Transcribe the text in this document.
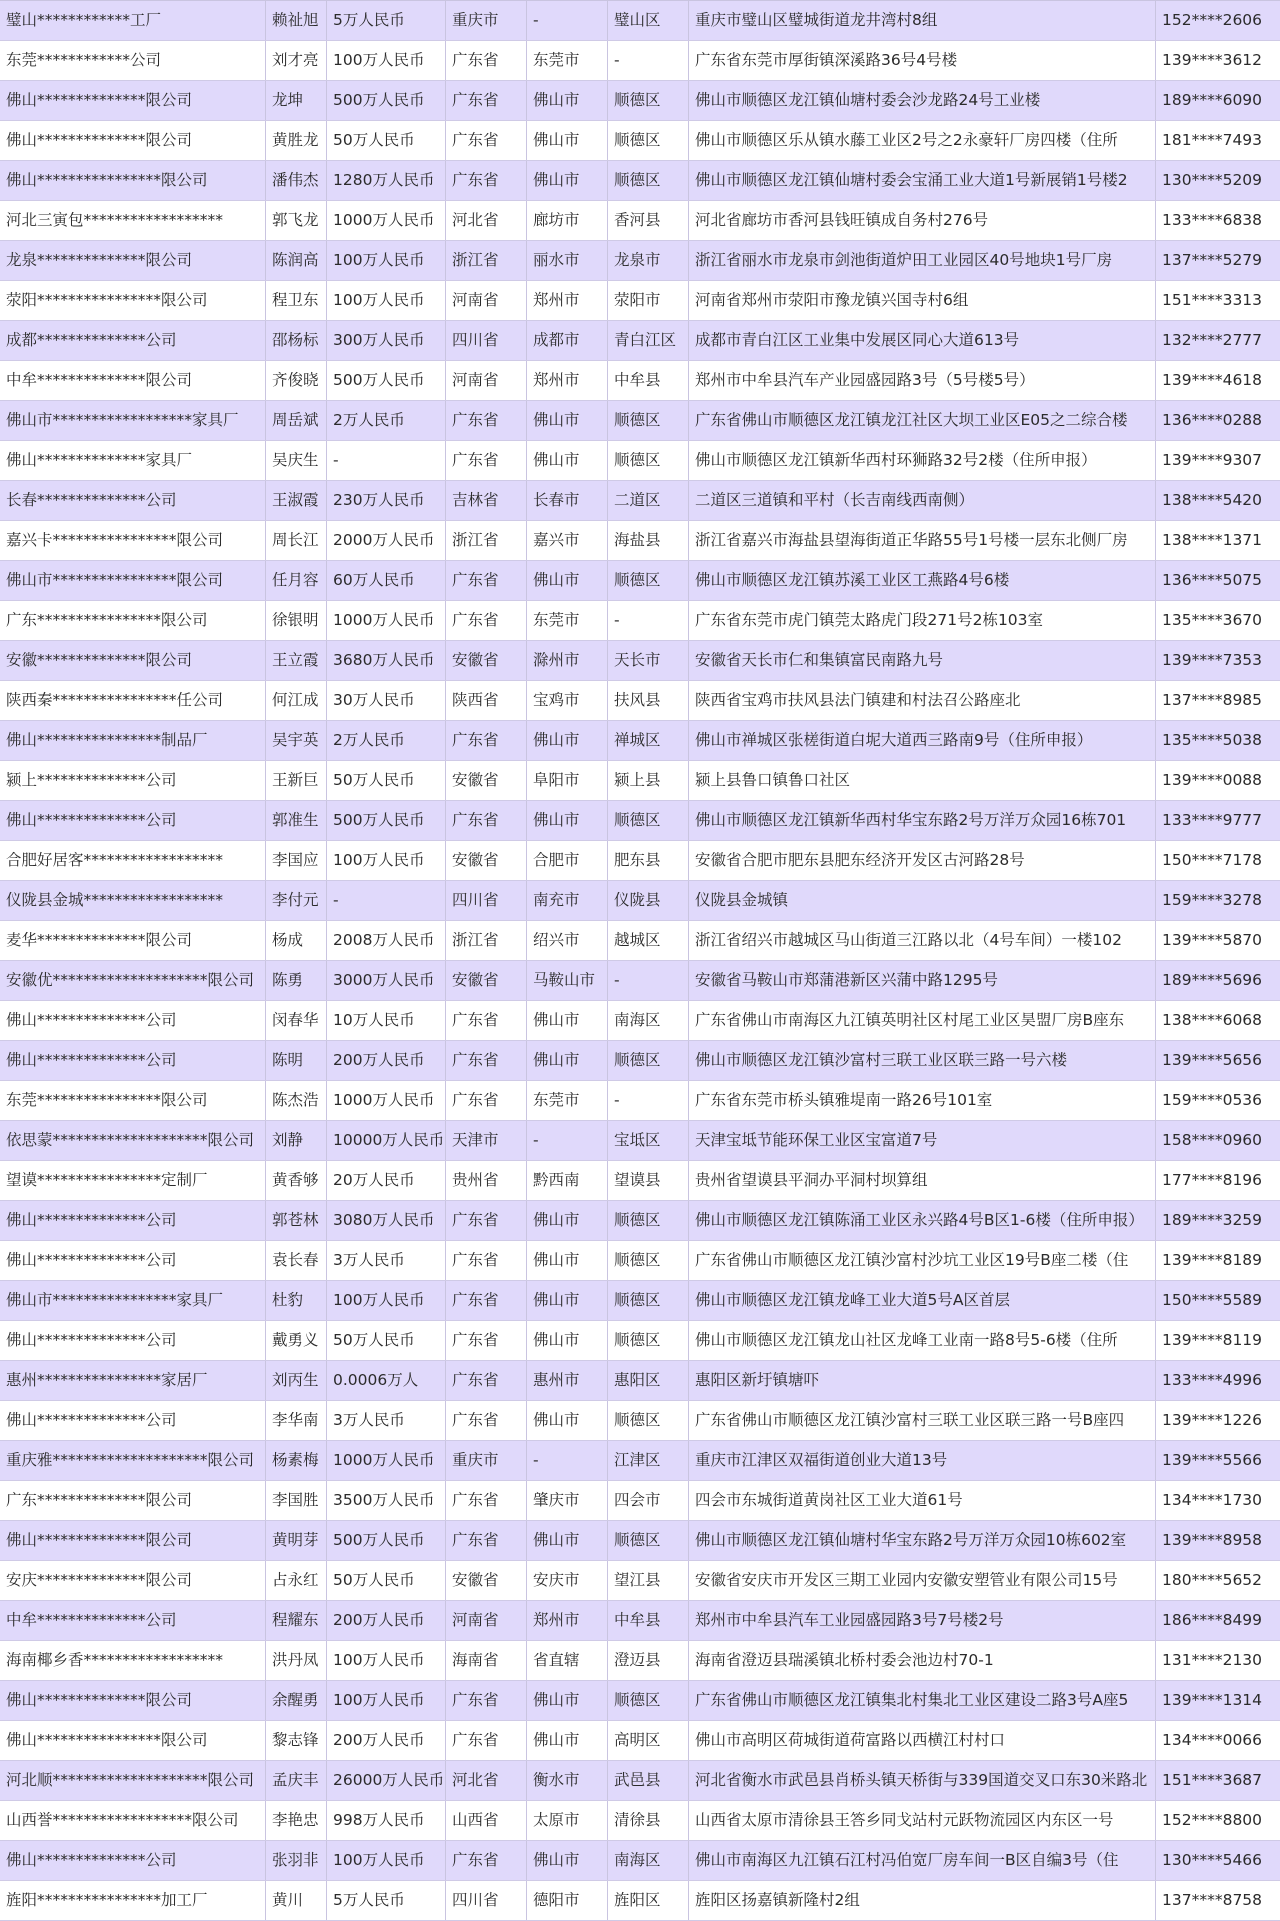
璧山************工厂	赖祉旭 5万人民币	重庆市	-	璧山区	重庆市璧山区璧城街道龙井湾村8组	152****2606
东莞************公司	刘才亮 100万人民币	广东省	东莞市	-	广东省东莞市厚街镇深溪路36号4号楼	139****3612
佛山**************限公司	龙坤	500万人民币	广东省	佛山市	顺德区	佛山市顺德区龙江镇仙塘村委会沙龙路24号工业楼	189****6090
佛山**************限公司	黄胜龙 50万人民币	广东省	佛山市	顺德区	佛山市顺德区乐从镇水藤工业区2号之2永豪轩厂房四楼（住所	181****7493
佛山****************限公司	潘伟杰 1280万人民币	广东省	佛山市	顺德区	佛山市顺德区龙江镇仙塘村委会宝涌工业大道1号新展销1号楼2	130****5209
河北三寅包******************	郭飞龙 1000万人民币	河北省	廊坊市	香河县	河北省廊坊市香河县钱旺镇成自务村276号	133****6838
龙泉**************限公司	陈润高 100万人民币	浙江省	丽水市	龙泉市	浙江省丽水市龙泉市剑池街道炉田工业园区40号地块1号厂房	137****5279
荥阳****************限公司	程卫东 100万人民币	河南省	郑州市	荥阳市	河南省郑州市荥阳市豫龙镇兴国寺村6组	151****3313
成都**************公司	邵杨标 300万人民币	四川省	成都市	青白江区	成都市青白江区工业集中发展区同心大道613号	132****2777
中牟**************限公司	齐俊晓 500万人民币	河南省	郑州市	中牟县	郑州市中牟县汽车产业园盛园路3号（5号楼5号）	139****4618
佛山市******************家具厂	周岳斌 2万人民币	广东省	佛山市	顺德区	广东省佛山市顺德区龙江镇龙江社区大坝工业区E05之二综合楼	136****0288
佛山**************家具厂	吴庆生 -	广东省	佛山市	顺德区	佛山市顺德区龙江镇新华西村环狮路32号2楼（住所申报）	139****9307
长春**************公司	王淑霞 230万人民币	吉林省	长春市	二道区	二道区三道镇和平村（长吉南线西南侧）	138****5420
嘉兴卡****************限公司	周长江 2000万人民币	浙江省	嘉兴市	海盐县	浙江省嘉兴市海盐县望海街道正华路55号1号楼一层东北侧厂房	138****1371
佛山市****************限公司	任月容 60万人民币	广东省	佛山市	顺德区	佛山市顺德区龙江镇苏溪工业区工燕路4号6楼	136****5075
广东****************限公司	徐银明 1000万人民币	广东省	东莞市	-	广东省东莞市虎门镇莞太路虎门段271号2栋103室	135****3670
安徽**************限公司	王立霞 3680万人民币	安徽省	滁州市	天长市	安徽省天长市仁和集镇富民南路九号	139****7353
陕西秦****************任公司	何江成 30万人民币	陕西省	宝鸡市	扶风县	陕西省宝鸡市扶风县法门镇建和村法召公路座北	137****8985
佛山****************制品厂	吴宇英 2万人民币	广东省	佛山市	禅城区	佛山市禅城区张槎街道白坭大道西三路南9号（住所申报）	135****5038
颍上**************公司	王新巨 50万人民币	安徽省	阜阳市	颍上县	颍上县鲁口镇鲁口社区	139****0088
佛山**************公司	郭准生 500万人民币	广东省	佛山市	顺德区	佛山市顺德区龙江镇新华西村华宝东路2号万洋万众园16栋701	133****9777
合肥好居客******************	李国应 100万人民币	安徽省	合肥市	肥东县	安徽省合肥市肥东县肥东经济开发区古河路28号	150****7178
仪陇县金城******************	李付元 -	四川省	南充市	仪陇县	仪陇县金城镇	159****3278
麦华**************限公司	杨成	2008万人民币	浙江省	绍兴市	越城区	浙江省绍兴市越城区马山街道三江路以北（4号车间）一楼102	139****5870
安徽优********************限公司	陈勇	3000万人民币	安徽省	马鞍山市	-	安徽省马鞍山市郑蒲港新区兴蒲中路1295号	189****5696
佛山**************公司	闵春华 10万人民币	广东省	佛山市	南海区	广东省佛山市南海区九江镇英明社区村尾工业区昊盟厂房B座东	138****6068
佛山**************公司	陈明	200万人民币	广东省	佛山市	顺德区	佛山市顺德区龙江镇沙富村三联工业区联三路一号六楼	139****5656
东莞****************限公司	陈杰浩 1000万人民币	广东省	东莞市	-	广东省东莞市桥头镇雅堤南一路26号101室	159****0536
依思蒙********************限公司	刘静	10000万人民币 天津市	-	宝坻区	天津宝坻节能环保工业区宝富道7号	158****0960
望谟****************定制厂	黄香够 20万人民币	贵州省	黔西南	望谟县	贵州省望谟县平洞办平洞村坝算组	177****8196
佛山**************公司	郭苍林 3080万人民币	广东省	佛山市	顺德区	佛山市顺德区龙江镇陈涌工业区永兴路4号B区1-6楼（住所申报）	189****3259
佛山**************公司	袁长春 3万人民币	广东省	佛山市	顺德区	广东省佛山市顺德区龙江镇沙富村沙坑工业区19号B座二楼（住	139****8189
佛山市****************家具厂	杜豹	100万人民币	广东省	佛山市	顺德区	佛山市顺德区龙江镇龙峰工业大道5号A区首层	150****5589
佛山**************公司	戴勇义 50万人民币	广东省	佛山市	顺德区	佛山市顺德区龙江镇龙山社区龙峰工业南一路8号5-6楼（住所	139****8119
惠州****************家居厂	刘丙生 0.0006万人	广东省	惠州市	惠阳区	惠阳区新圩镇塘吓	133****4996
佛山**************公司	李华南 3万人民币	广东省	佛山市	顺德区	广东省佛山市顺德区龙江镇沙富村三联工业区联三路一号B座四	139****1226
重庆雅********************限公司	杨素梅 1000万人民币	重庆市	-	江津区	重庆市江津区双福街道创业大道13号	139****5566
广东**************限公司	李国胜 3500万人民币	广东省	肇庆市	四会市	四会市东城街道黄岗社区工业大道61号	134****1730
佛山**************限公司	黄明芽 500万人民币	广东省	佛山市	顺德区	佛山市顺德区龙江镇仙塘村华宝东路2号万洋万众园10栋602室	139****8958
安庆**************限公司	占永红 50万人民币	安徽省	安庆市	望江县	安徽省安庆市开发区三期工业园内安徽安塑管业有限公司15号	180****5652
中牟**************公司	程耀东 200万人民币	河南省	郑州市	中牟县	郑州市中牟县汽车工业园盛园路3号7号楼2号	186****8499
海南椰乡香******************	洪丹凤 100万人民币	海南省	省直辖	澄迈县	海南省澄迈县瑞溪镇北桥村委会池边村70-1	131****2130
佛山**************限公司	余醒勇 100万人民币	广东省	佛山市	顺德区	广东省佛山市顺德区龙江镇集北村集北工业区建设二路3号A座5	139****1314
佛山****************限公司	黎志锋 200万人民币	广东省	佛山市	高明区	佛山市高明区荷城街道荷富路以西横江村村口	134****0066
河北顺********************限公司	孟庆丰 26000万人民币 河北省	衡水市	武邑县	河北省衡水市武邑县肖桥头镇天桥街与339国道交叉口东30米路北 151****3687
山西誉******************限公司	李艳忠 998万人民币	山西省	太原市	清徐县	山西省太原市清徐县王答乡同戈站村元跃物流园区内东区一号	152****8800
佛山**************公司	张羽非 100万人民币	广东省	佛山市	南海区	佛山市南海区九江镇石江村冯伯宽厂房车间一B区自编3号（住	130****5466
旌阳****************加工厂	黄川	5万人民币	四川省	德阳市	旌阳区	旌阳区扬嘉镇新隆村2组	137****8758
